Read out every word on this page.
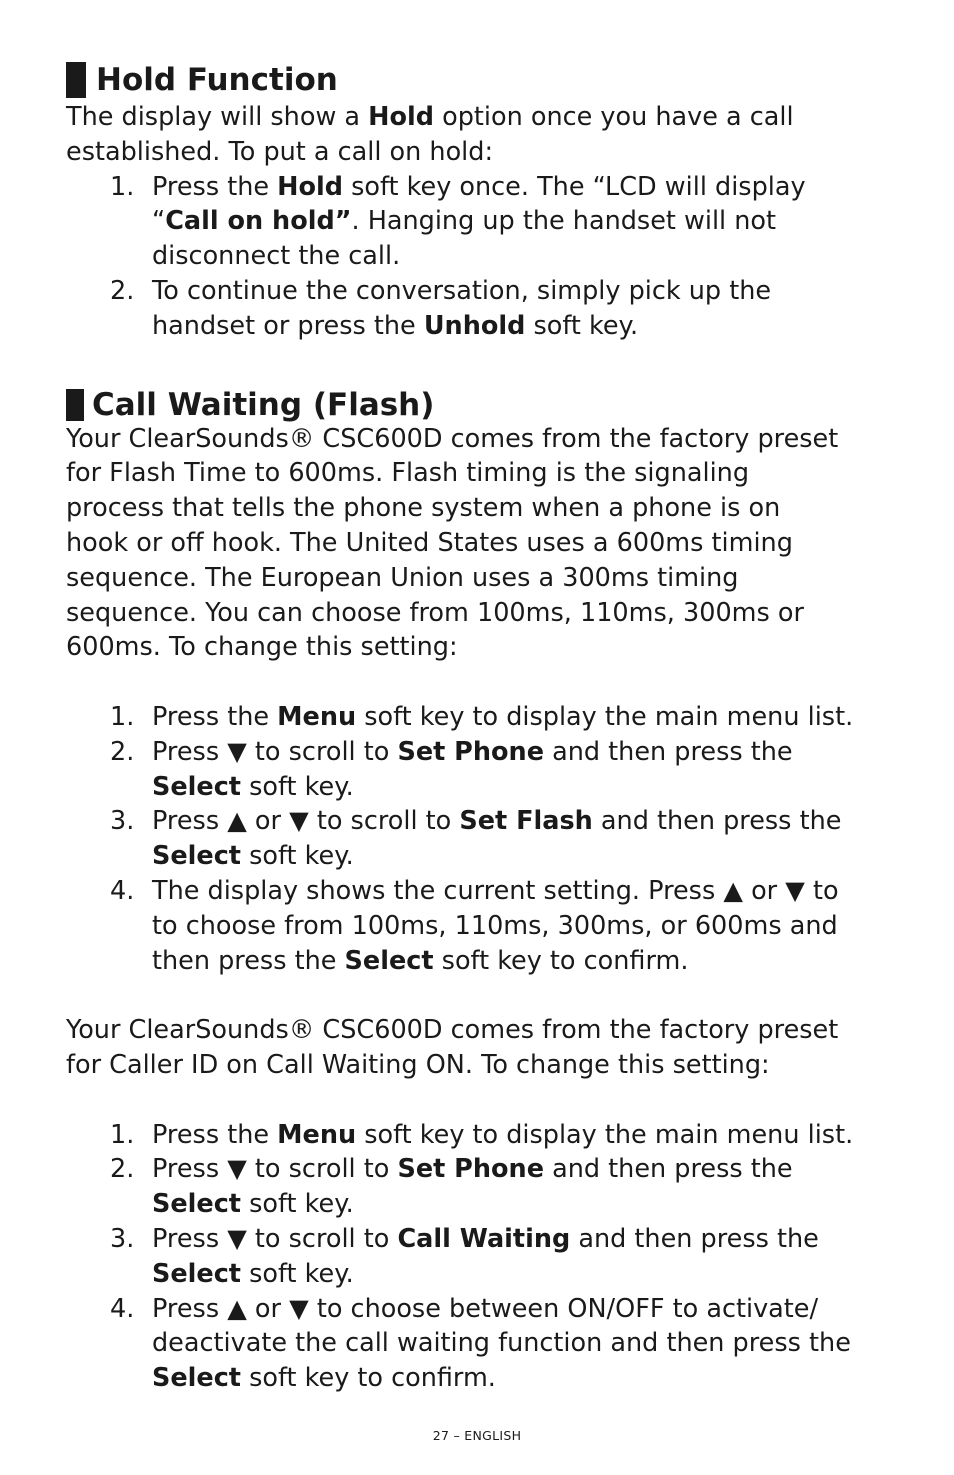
Hold Function

The display will show a Hold option once you have a call
established. To put a call on hold:

1. Press the Hold soft key once. The “LCD will display
“Call on hold”. Hanging up the handset will not
disconnect the call.
2. To continue the conversation, simply pick up the
handset or press the Unhold soft key.
Call Waiting (Flash)

Your ClearSounds® CSC600D comes from the factory preset
for Flash Time to 600ms. Flash timing is the signaling
process that tells the phone system when a phone is on
hook or off hook. The United States uses a 600ms timing
sequence. The European Union uses a 300ms timing
sequence. You can choose from 100ms, 110ms, 300ms or
600ms. To change this setting:

1. Press the Menu soft key to display the main menu list.
2. Press ▼ to scroll to Set Phone and then press the
Select soft key.
3. Press ▲ or ▼ to scroll to Set Flash and then press the
Select soft key.
4. The display shows the current setting. Press ▲ or ▼ to
to choose from 100ms, 110ms, 300ms, or 600ms and
then press the Select soft key to confirm.

Your ClearSounds® CSC600D comes from the factory preset
for Caller ID on Call Waiting ON. To change this setting:

1. Press the Menu soft key to display the main menu list.
2. Press ▼ to scroll to Set Phone and then press the
Select soft key.
3. Press ▼ to scroll to Call Waiting and then press the
Select soft key.
4. Press ▲ or ▼ to choose between ON/OFF to activate/
deactivate the call waiting function and then press the
Select soft key to confirm.
27 – ENGLISH
